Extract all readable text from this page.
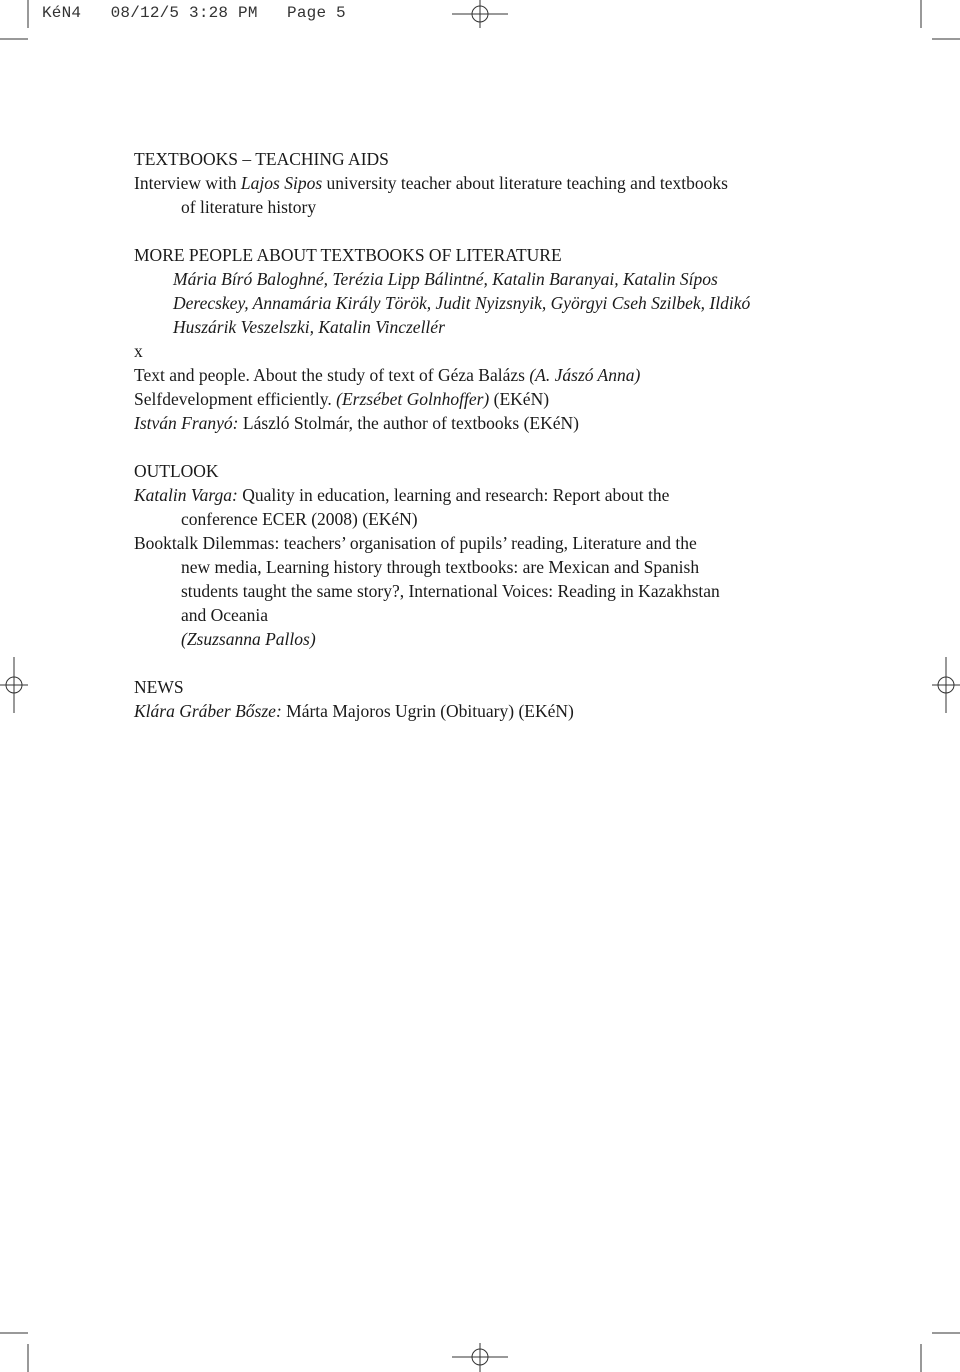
KéN4   08/12/5 3:28 PM   Page 5

TEXTBOOKS – TEACHING AIDS

Interview with Lajos Sipos university teacher about literature teaching and textbooks

of literature history

MORE PEOPLE ABOUT TEXTBOOKS OF LITERATURE

Mária Bíró Baloghné, Terézia Lipp Bálintné, Katalin Baranyai, Katalin Sípos

Derecskey, Annamária Király Török, Judit Nyizsnyik, Györgyi Cseh Szilbek, Ildikó

Huszárik Veszelszki, Katalin Vinczellér

x

Text and people. About the study of text of Géza Balázs (A. Jászó Anna)

Selfdevelopment efficiently. (Erzsébet Golnhoffer) (EKéN)

István Franyó: László Stolmár, the author of textbooks (EKéN)

OUTLOOK

Katalin Varga: Quality in education, learning and research: Report about the

conference ECER (2008) (EKéN)

Booktalk Dilemmas: teachers’ organisation of pupils’ reading, Literature and the

new media, Learning history through textbooks: are Mexican and Spanish

students taught the same story?, International Voices: Reading in Kazakhstan

and Oceania

(Zsuzsanna Pallos)

NEWS

Klára Gráber Bősze: Márta Majoros Ugrin (Obituary) (EKéN)
